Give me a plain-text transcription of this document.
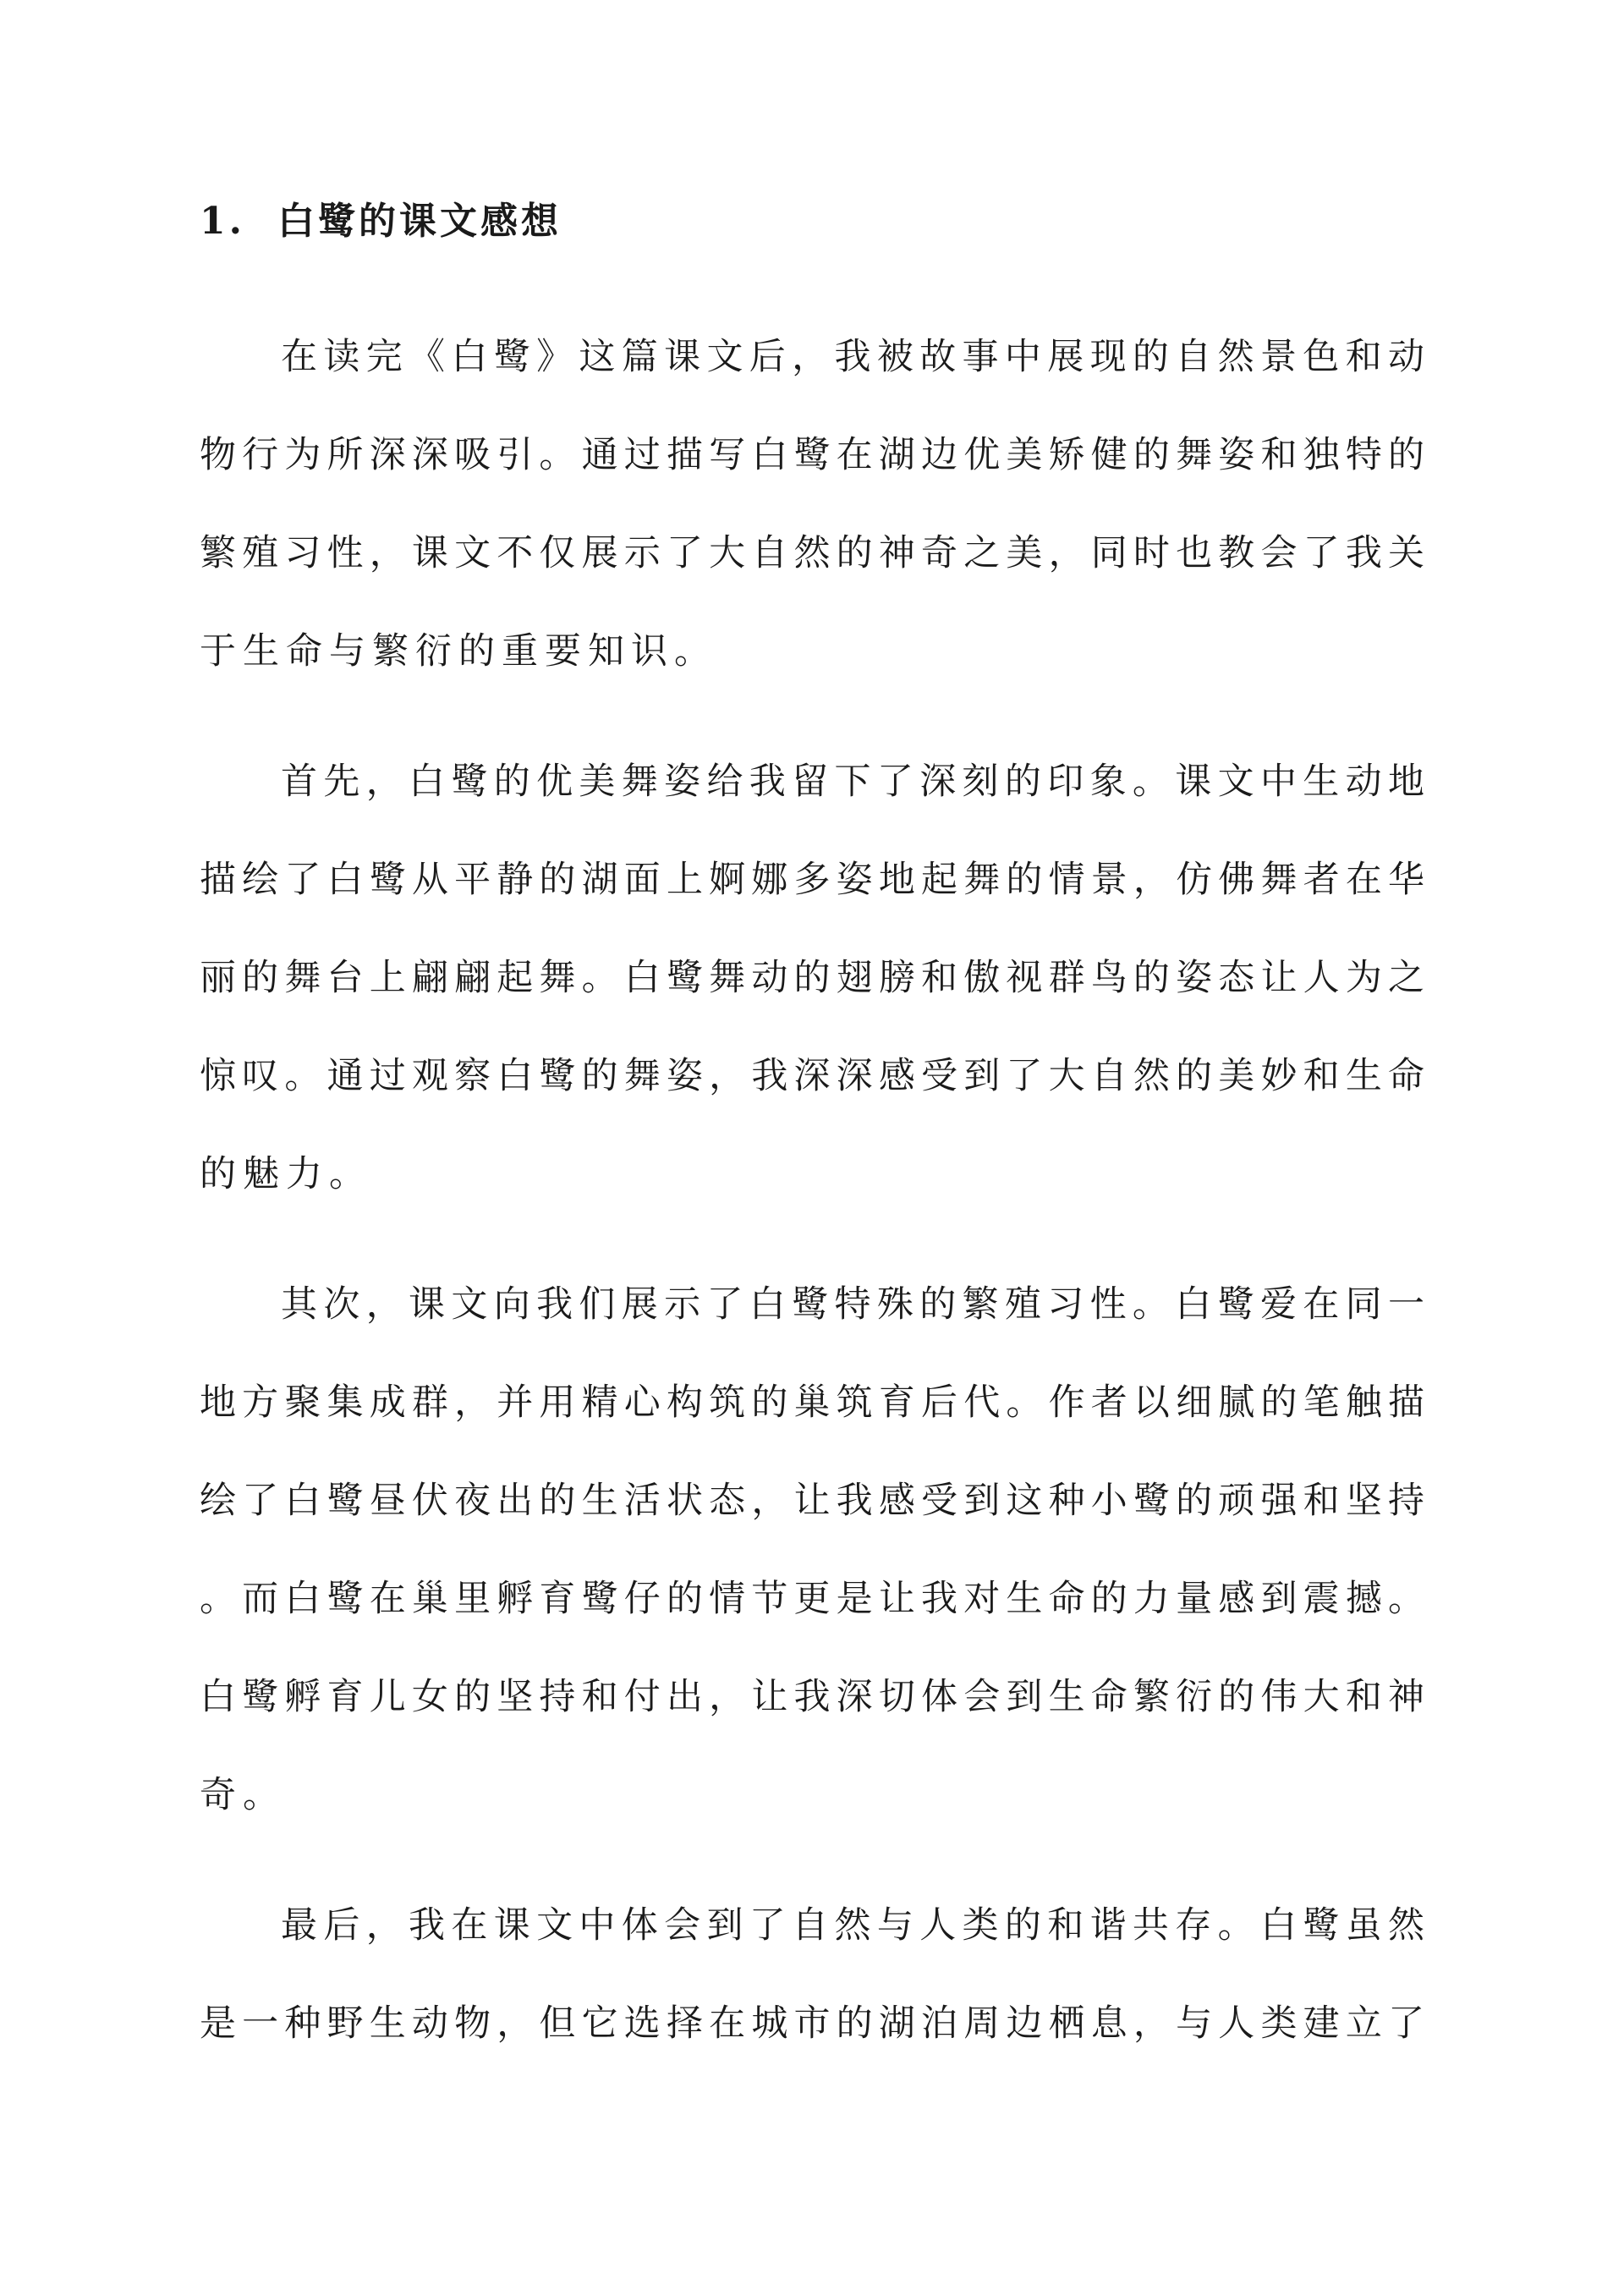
1. 白鹭的课文感想
在读完《白鹭》这篇课文后，我被故事中展现的自然景色和动
物行为所深深吸引。通过描写白鹭在湖边优美矫健的舞姿和独特的
繁殖习性，课文不仅展示了大自然的神奇之美，同时也教会了我关
于生命与繁衍的重要知识。
首先，白鹭的优美舞姿给我留下了深刻的印象。课文中生动地
描绘了白鹭从平静的湖面上婀娜多姿地起舞的情景，仿佛舞者在华
丽的舞台上翩翩起舞。白鹭舞动的翅膀和傲视群鸟的姿态让人为之
惊叹。通过观察白鹭的舞姿，我深深感受到了大自然的美妙和生命
的魅力。
其次，课文向我们展示了白鹭特殊的繁殖习性。白鹭爱在同一
地方聚集成群，并用精心构筑的巢筑育后代。作者以细腻的笔触描
绘了白鹭昼伏夜出的生活状态，让我感受到这种小鹭的顽强和坚持
。而白鹭在巢里孵育鹭仔的情节更是让我对生命的力量感到震撼。
白鹭孵育儿女的坚持和付出，让我深切体会到生命繁衍的伟大和神
奇。
最后，我在课文中体会到了自然与人类的和谐共存。白鹭虽然
是一种野生动物，但它选择在城市的湖泊周边栖息，与人类建立了
